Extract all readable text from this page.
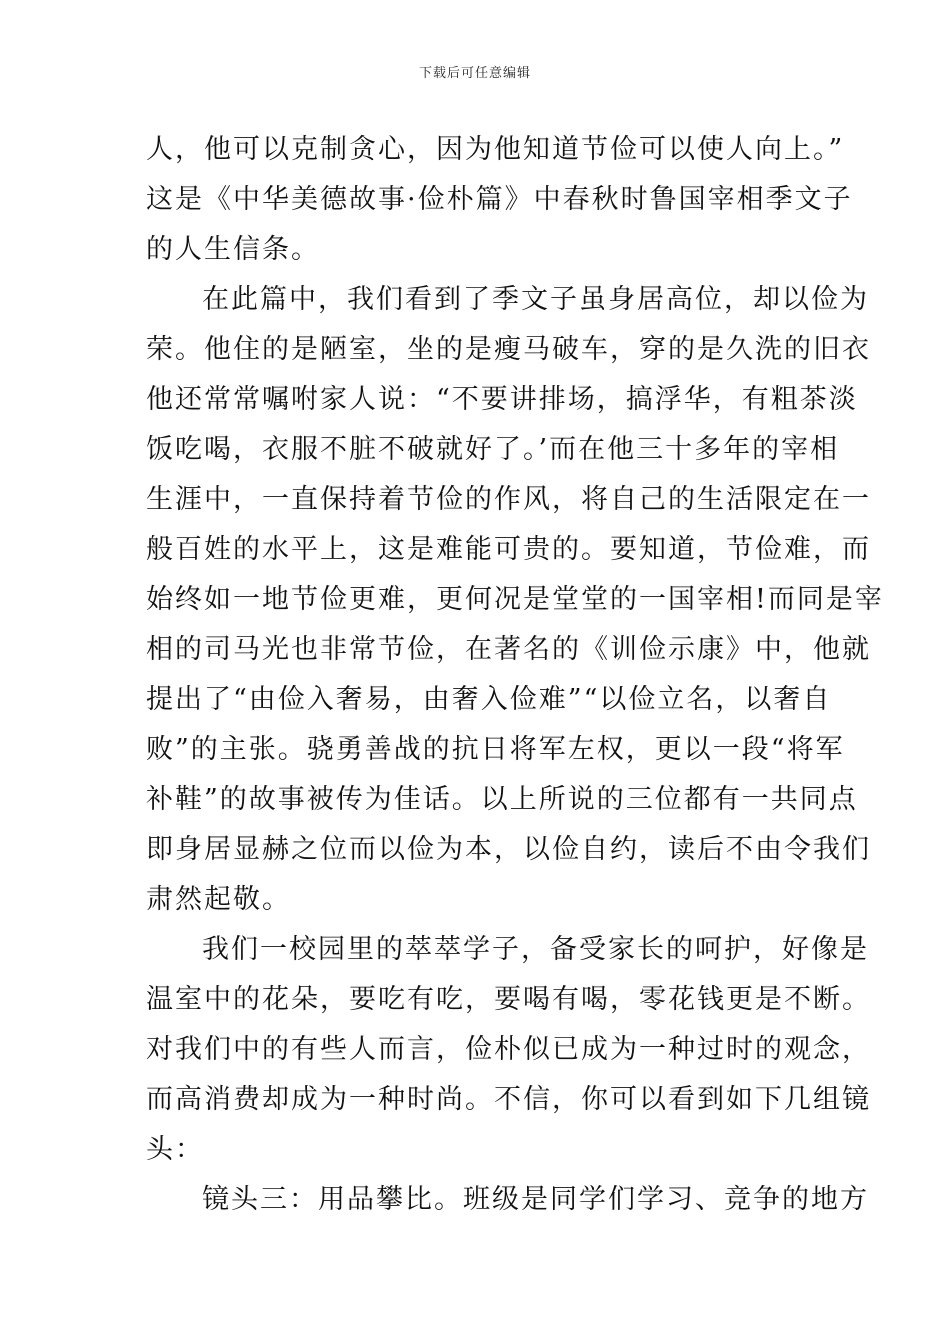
下载后可任意编辑
人，他可以克制贪心，因为他知道节俭可以使人向上。”
这是《中华美德故事·俭朴篇》中春秋时鲁国宰相季文子
的人生信条。
在此篇中，我们看到了季文子虽身居高位，却以俭为
荣。他住的是陋室，坐的是瘦马破车，穿的是久洗的旧衣
他还常常嘱咐家人说：“不要讲排场，搞浮华，有粗茶淡
饭吃喝，衣服不脏不破就好了。’而在他三十多年的宰相
生涯中，一直保持着节俭的作风，将自己的生活限定在一
般百姓的水平上，这是难能可贵的。要知道，节俭难，而
始终如一地节俭更难，更何况是堂堂的一国宰相!而同是宰
相的司马光也非常节俭，在著名的《训俭示康》中，他就
提出了“由俭入奢易，由奢入俭难”“以俭立名，以奢自
败”的主张。骁勇善战的抗日将军左权，更以一段“将军
补鞋”的故事被传为佳话。以上所说的三位都有一共同点
即身居显赫之位而以俭为本，以俭自约，读后不由令我们
肃然起敬。
我们一校园里的萃萃学子，备受家长的呵护，好像是
温室中的花朵，要吃有吃，要喝有喝，零花钱更是不断。
对我们中的有些人而言，俭朴似已成为一种过时的观念，
而高消费却成为一种时尚。不信，你可以看到如下几组镜
头：
镜头三：用品攀比。班级是同学们学习、竞争的地方
